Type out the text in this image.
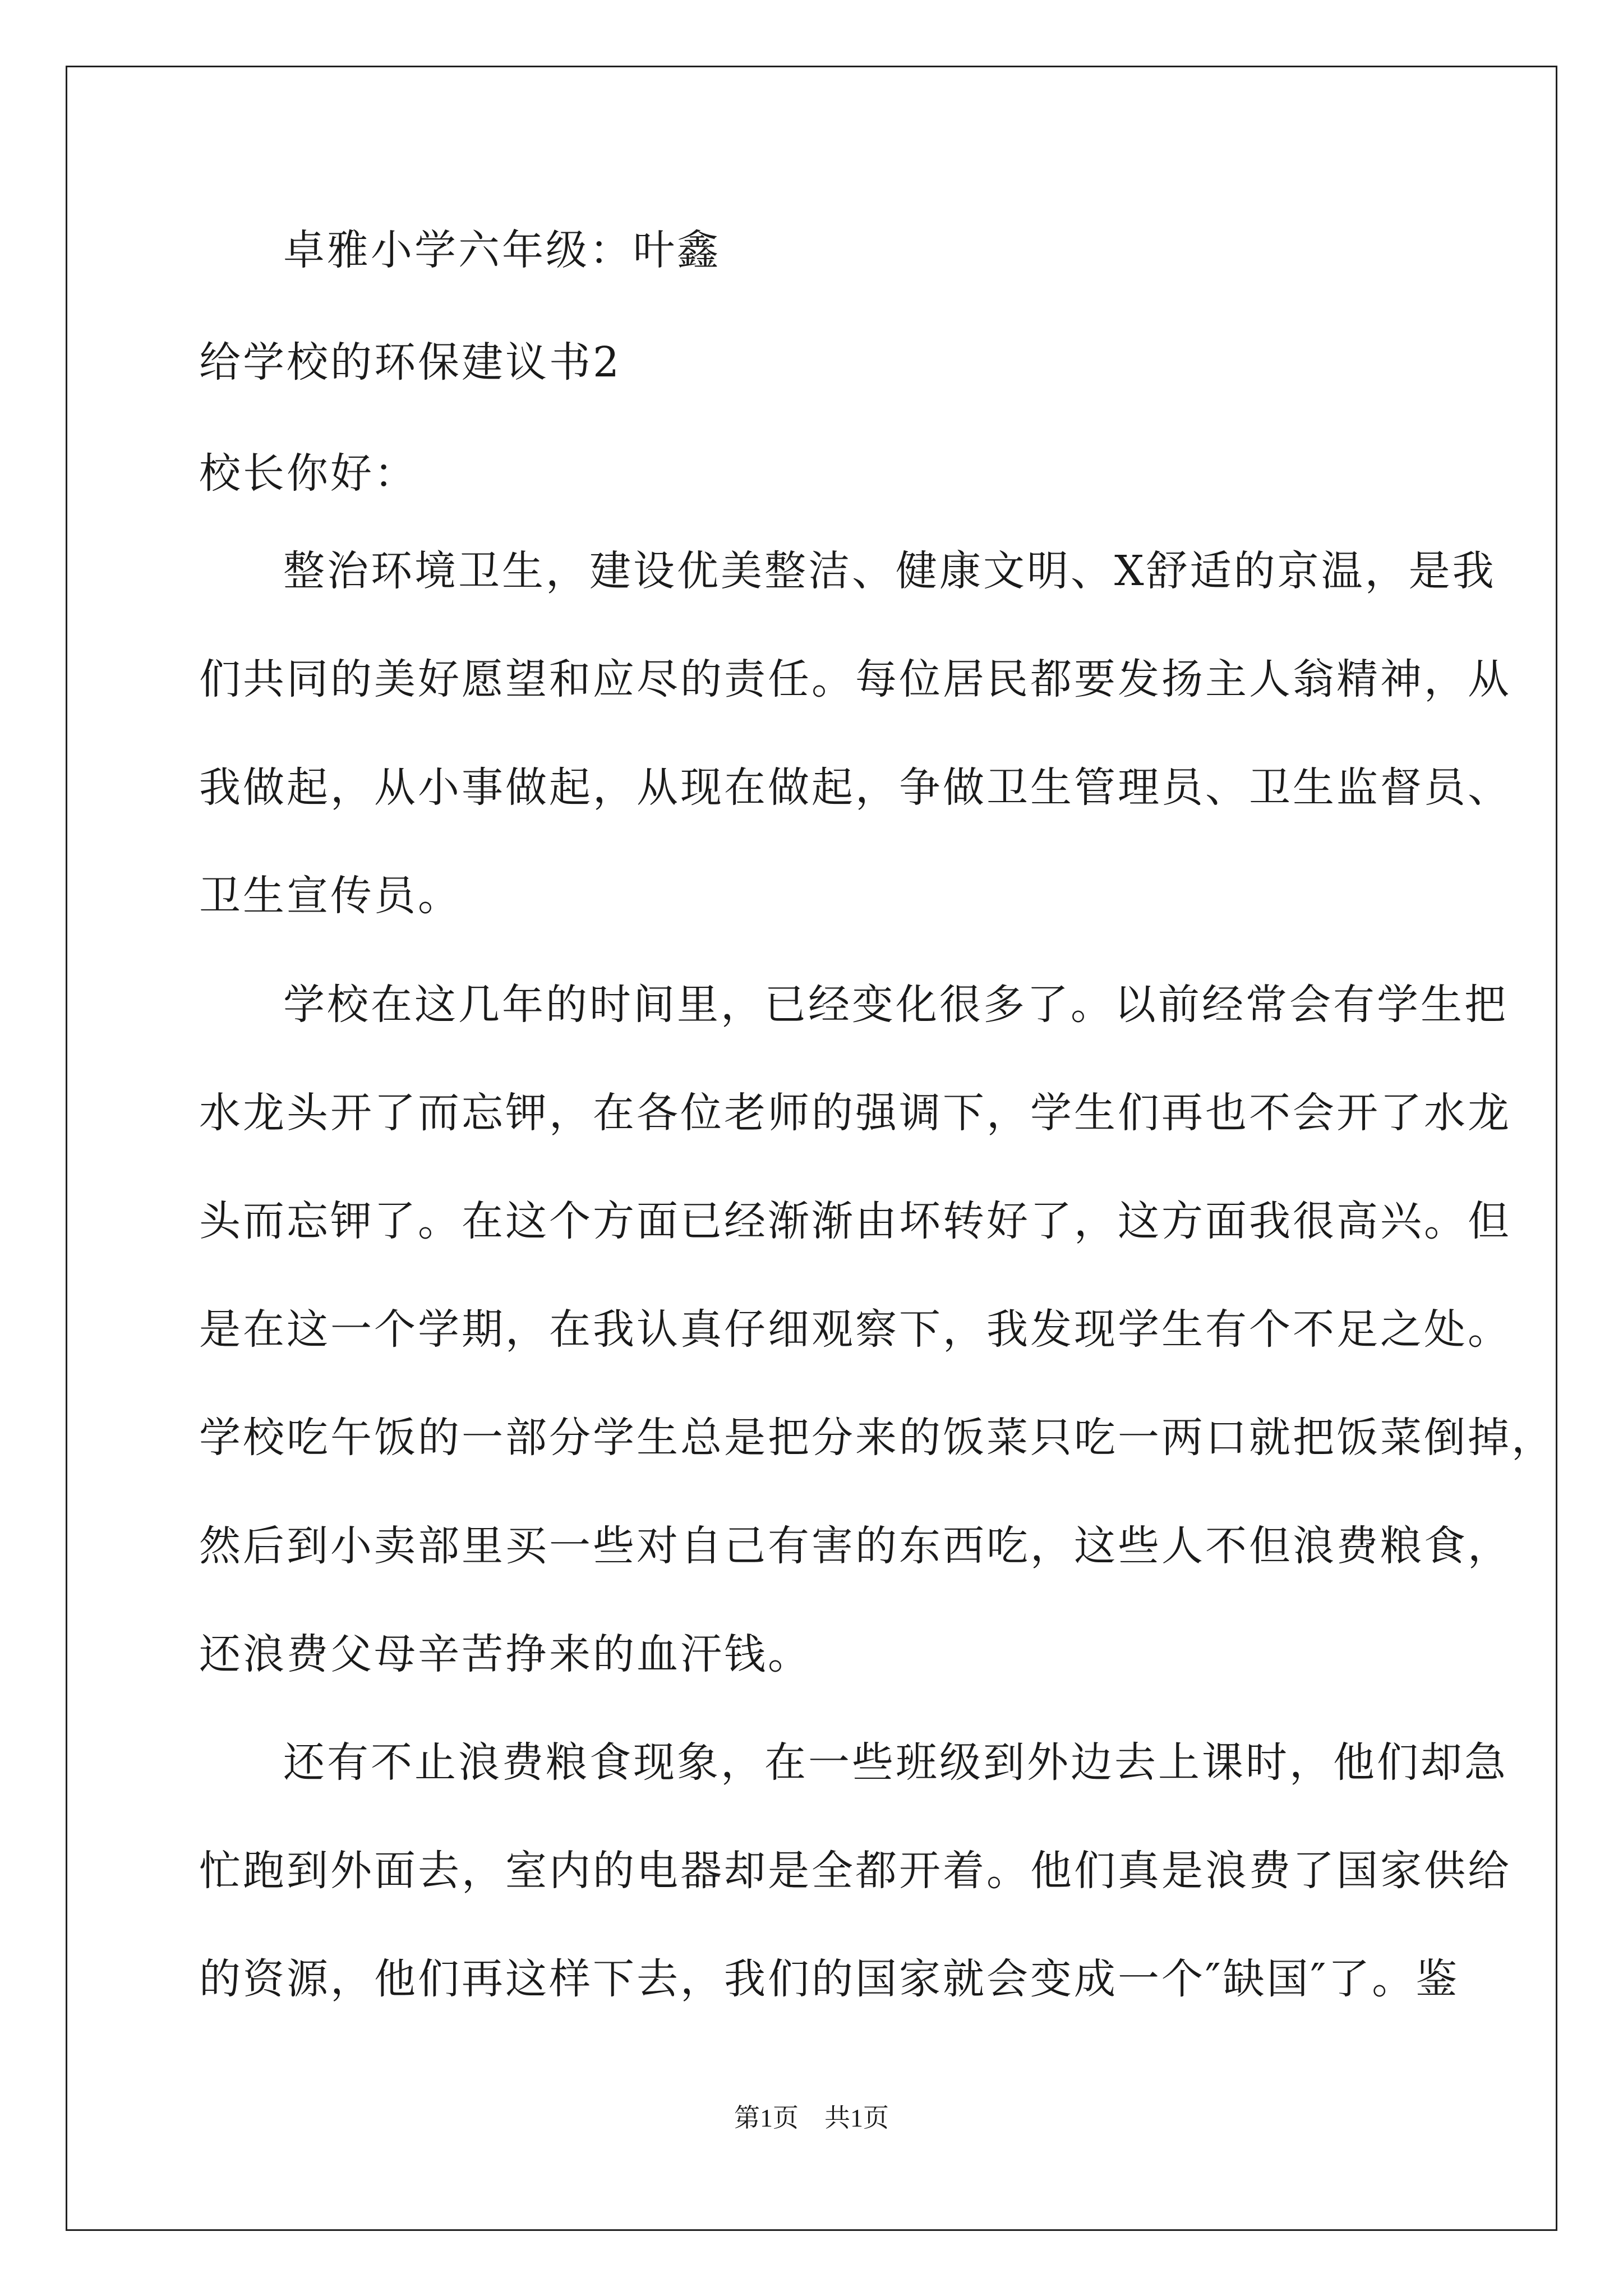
卓雅小学六年级：叶鑫
给学校的环保建议书2
校长你好：
整治环境卫生，建设优美整洁、健康文明、X舒适的京温，是我
们共同的美好愿望和应尽的责任。每位居民都要发扬主人翁精神，从
我做起，从小事做起，从现在做起，争做卫生管理员、卫生监督员、
卫生宣传员。
学校在这几年的时间里，已经变化很多了。以前经常会有学生把
水龙头开了而忘钾，在各位老师的强调下，学生们再也不会开了水龙
头而忘钾了。在这个方面已经渐渐由坏转好了，这方面我很高兴。但
是在这一个学期，在我认真仔细观察下，我发现学生有个不足之处。
学校吃午饭的一部分学生总是把分来的饭菜只吃一两口就把饭菜倒掉，
然后到小卖部里买一些对自己有害的东西吃，这些人不但浪费粮食，
还浪费父母辛苦挣来的血汗钱。
还有不止浪费粮食现象，在一些班级到外边去上课时，他们却急
忙跑到外面去，室内的电器却是全都开着。他们真是浪费了国家供给
的资源，他们再这样下去，我们的国家就会变成一个″缺国″了。鉴
第1页　共1页
